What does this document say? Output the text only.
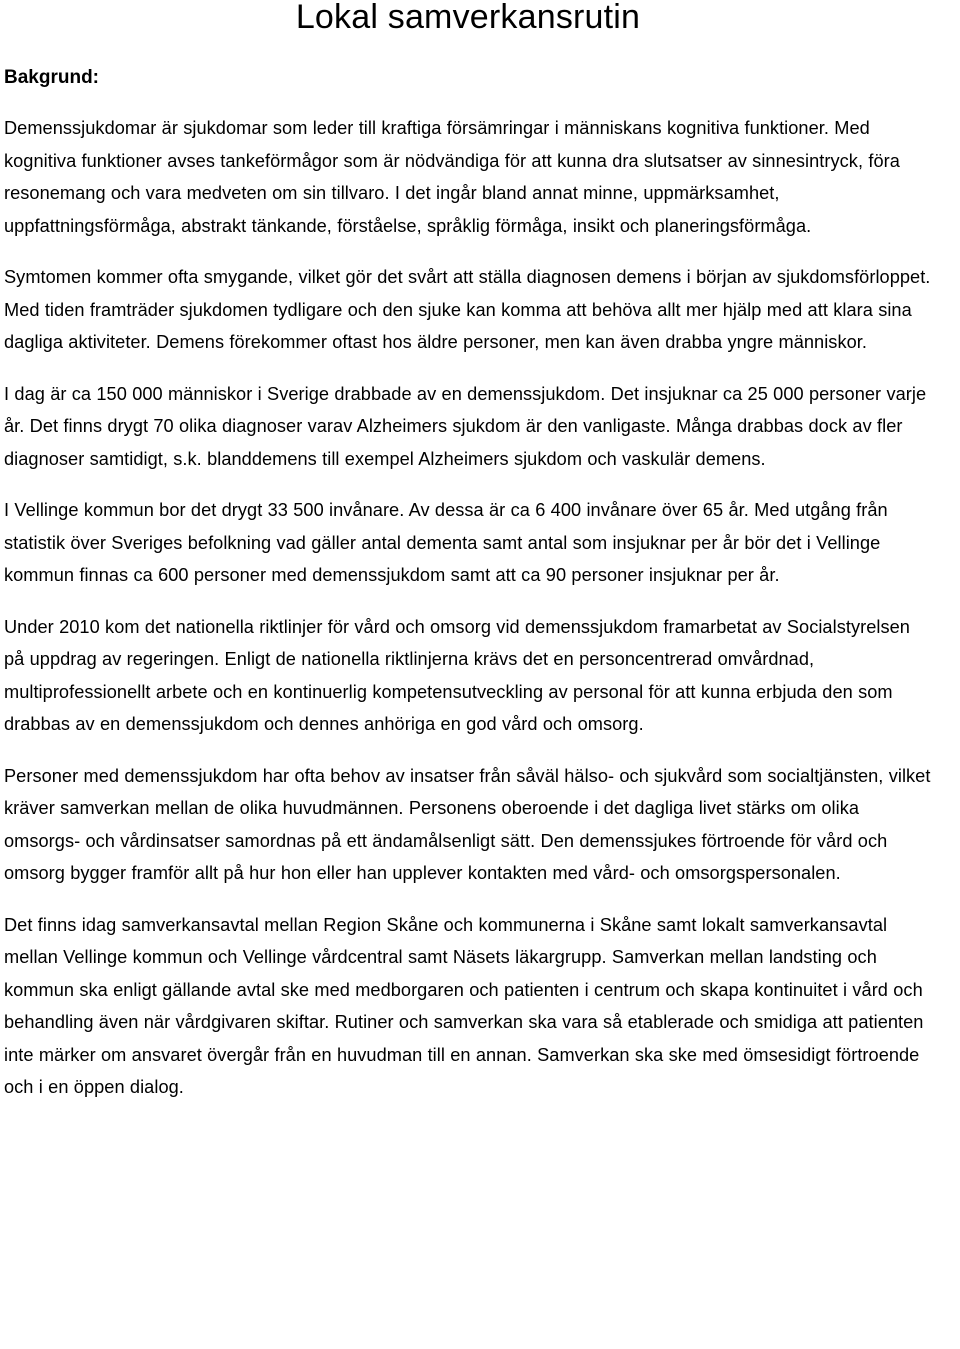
Lokal samverkansrutin
Bakgrund:

Demenssjukdomar är sjukdomar som leder till kraftiga försämringar i människans kognitiva funktioner. Med kognitiva funktioner avses tankeförmågor som är nödvändiga för att kunna dra slutsatser av sinnesintryck, föra resonemang och vara medveten om sin tillvaro. I det ingår bland annat minne, uppmärksamhet, uppfattningsförmåga, abstrakt tänkande, förståelse, språklig förmåga, insikt och planeringsförmåga.

Symtomen kommer ofta smygande, vilket gör det svårt att ställa diagnosen demens i början av sjukdomsförloppet. Med tiden framträder sjukdomen tydligare och den sjuke kan komma att behöva allt mer hjälp med att klara sina dagliga aktiviteter. Demens förekommer oftast hos äldre personer, men kan även drabba yngre människor.

I dag är ca 150 000 människor i Sverige drabbade av en demenssjukdom. Det insjuknar ca 25 000 personer varje år. Det finns drygt 70 olika diagnoser varav Alzheimers sjukdom är den vanligaste. Många drabbas dock av fler diagnoser samtidigt, s.k. blanddemens till exempel Alzheimers sjukdom och vaskulär demens.

I Vellinge kommun bor det drygt 33 500 invånare. Av dessa är ca 6 400 invånare över 65 år. Med utgång från statistik över Sveriges befolkning vad gäller antal dementa samt antal som insjuknar per år bör det i Vellinge kommun finnas ca 600 personer med demenssjukdom samt att ca 90 personer insjuknar per år.

Under 2010 kom det nationella riktlinjer för vård och omsorg vid demenssjukdom framarbetat av Socialstyrelsen på uppdrag av regeringen. Enligt de nationella riktlinjerna krävs det en personcentrerad omvårdnad, multiprofessionellt arbete och en kontinuerlig kompetensutveckling av personal för att kunna erbjuda den som drabbas av en demenssjukdom och dennes anhöriga en god vård och omsorg.

Personer med demenssjukdom har ofta behov av insatser från såväl hälso- och sjukvård som socialtjänsten, vilket kräver samverkan mellan de olika huvudmännen. Personens oberoende i det dagliga livet stärks om olika omsorgs- och vårdinsatser samordnas på ett ändamålsenligt sätt. Den demenssjukes förtroende för vård och omsorg bygger framför allt på hur hon eller han upplever kontakten med vård- och omsorgspersonalen.

Det finns idag samverkansavtal mellan Region Skåne och kommunerna i Skåne samt lokalt samverkansavtal mellan Vellinge kommun och Vellinge vårdcentral samt Näsets läkargrupp. Samverkan mellan landsting och kommun ska enligt gällande avtal ske med medborgaren och patienten i centrum och skapa kontinuitet i vård och behandling även när vårdgivaren skiftar. Rutiner och samverkan ska vara så etablerade och smidiga att patienten inte märker om ansvaret övergår från en huvudman till en annan. Samverkan ska ske med ömsesidigt förtroende och i en öppen dialog.
